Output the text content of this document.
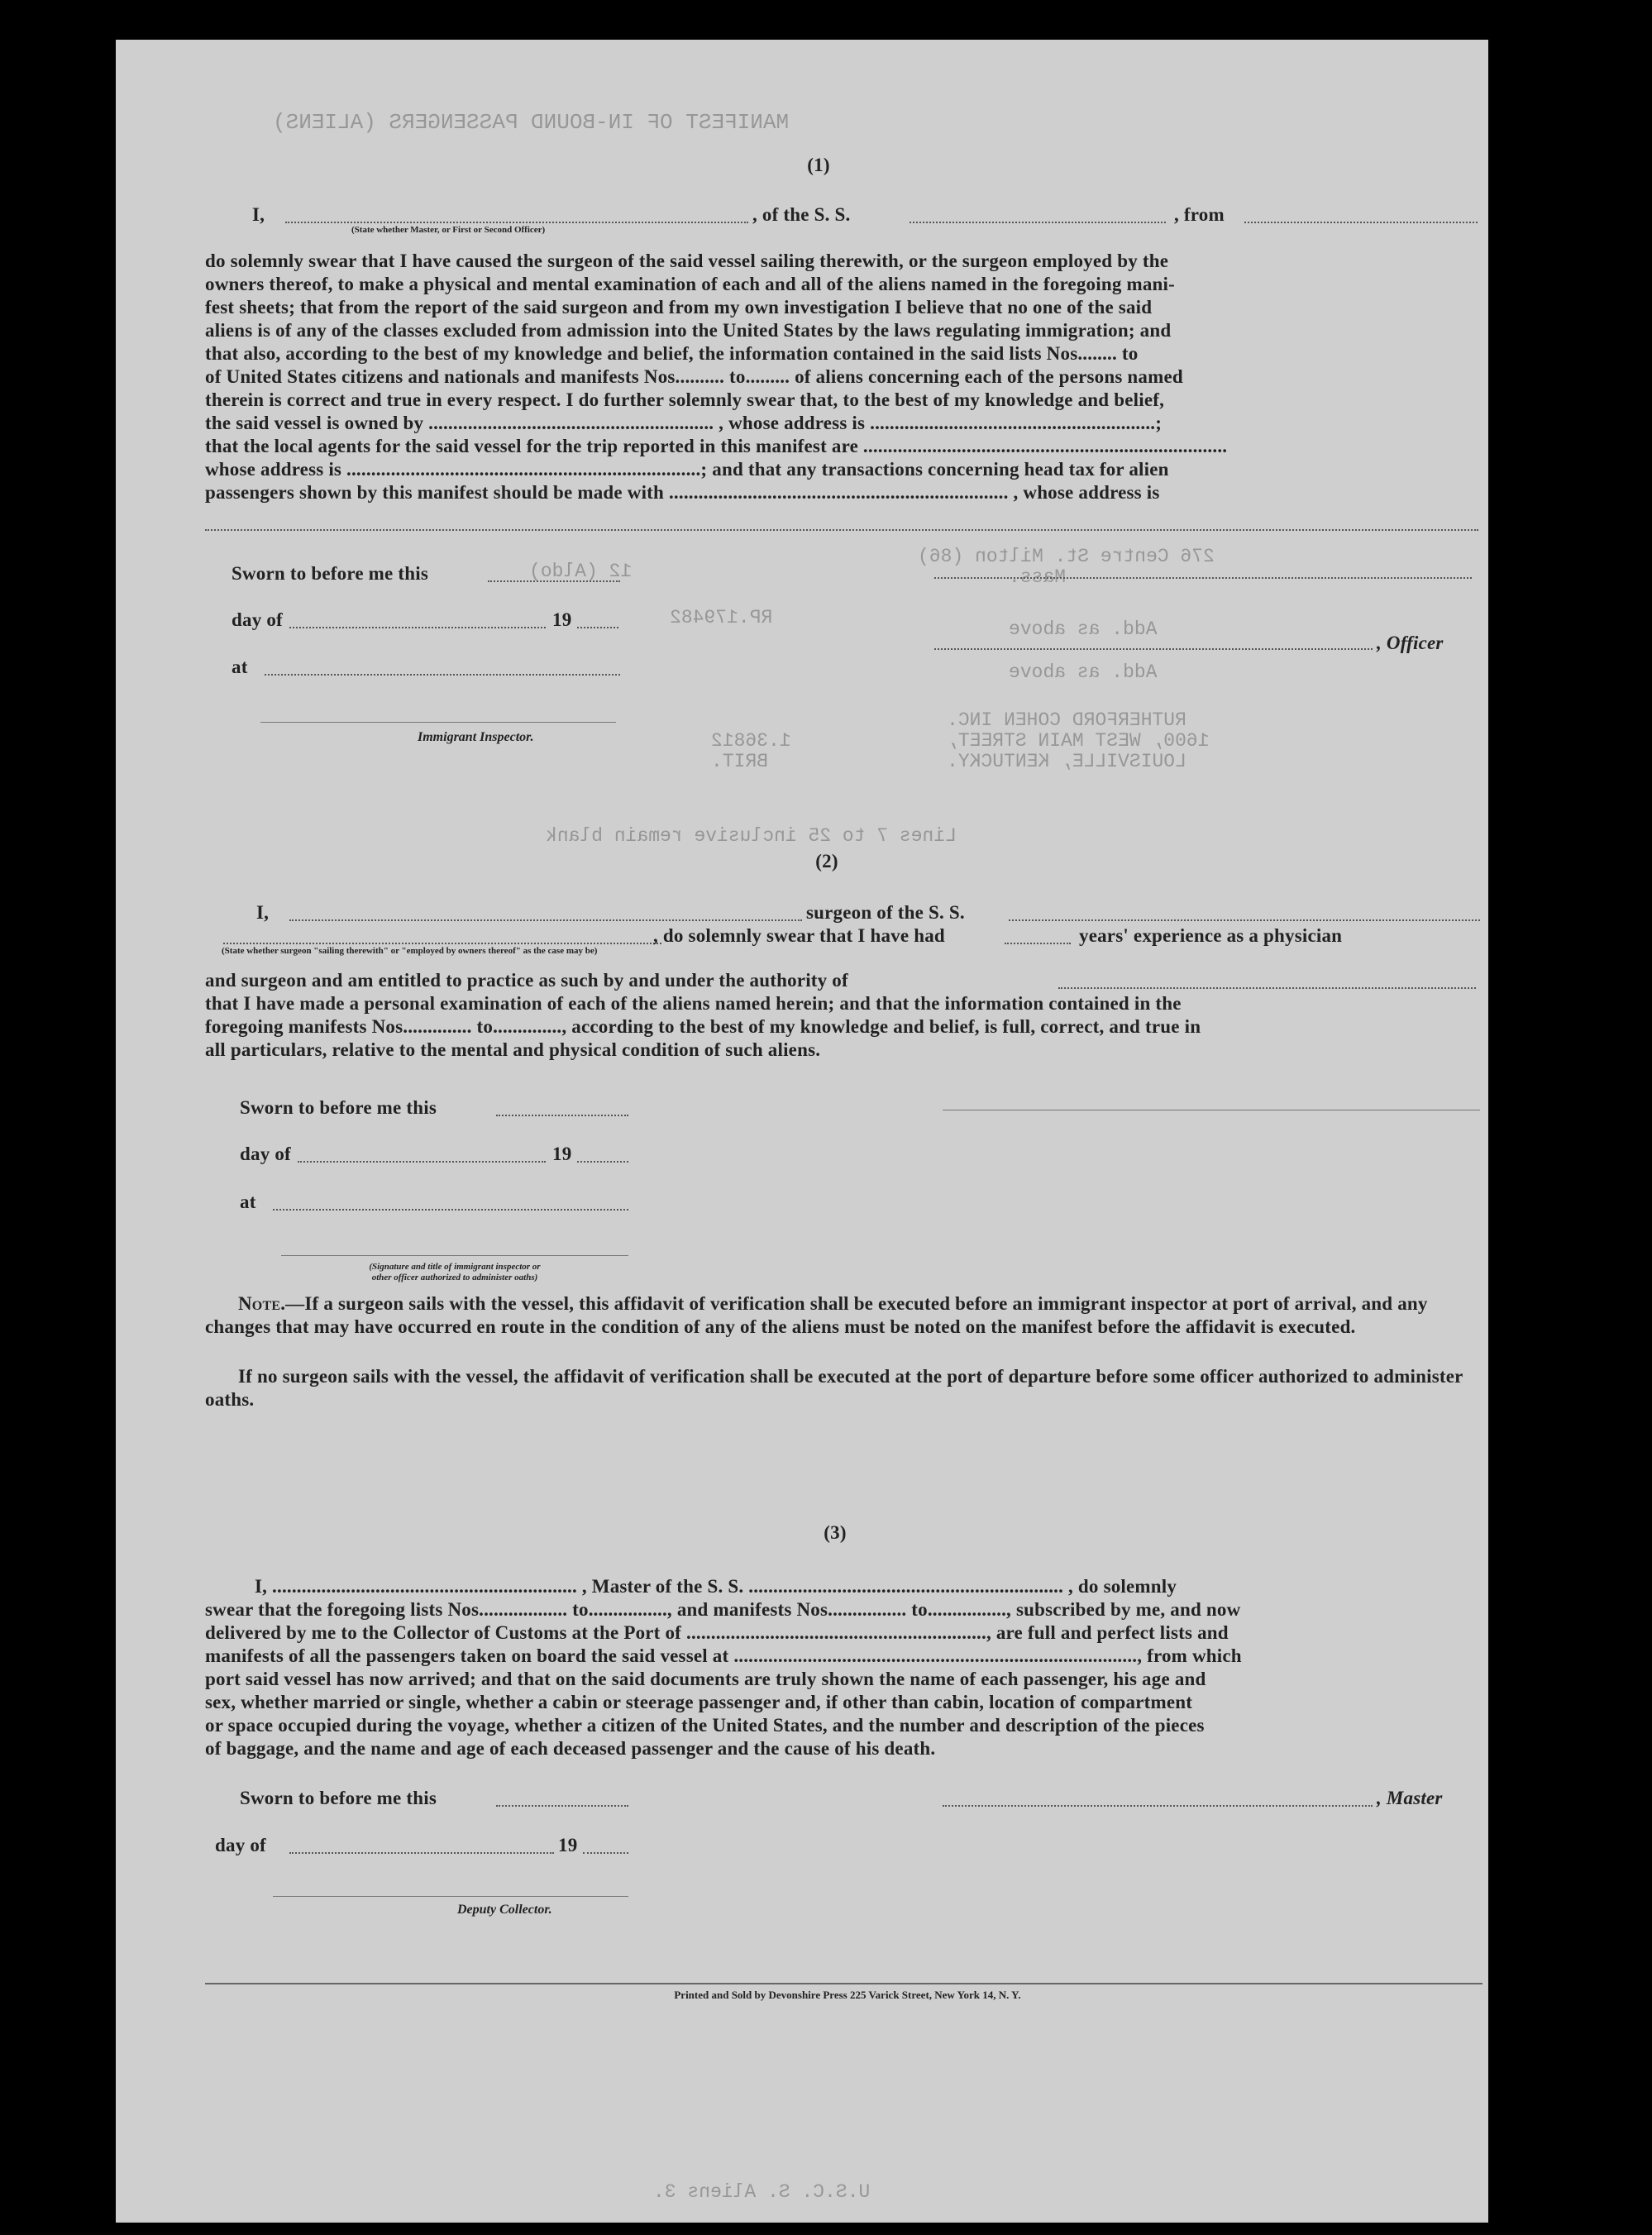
MANIFEST OF IN-BOUND PASSENGERS (ALIENS)
276 Centre St. Milton (86)
Mass.
Add. as above
Add. as above
RUTHERFORD COHEN INC.
1600, WEST MAIN STREET,
LOUISVILLE, KENTUCKY.
12 (Aldo)
RP.179482
1.36812
BRIT.
Lines 7 to 25 inclusive remain blank
U.S.C. S. Aliens 3.
(1)
I,
(State whether Master, or First or Second Officer)
, of the S. S.	, from
do solemnly swear that I have caused the surgeon of the said vessel sailing therewith, or the surgeon employed by the
owners thereof, to make a physical and mental examination of each and all of the aliens named in the foregoing mani-
fest sheets; that from the report of the said surgeon and from my own investigation I believe that no one of the said
aliens is of any of the classes excluded from admission into the United States by the laws regulating immigration; and
that also, according to the best of my knowledge and belief, the information contained in the said lists Nos........ to
of United States citizens and nationals and manifests Nos.......... to......... of aliens concerning each of the persons named
therein is correct and true in every respect. I do further solemnly swear that, to the best of my knowledge and belief,
the said vessel is owned by .......................................................... , whose address is ..........................................................;
that the local agents for the said vessel for the trip reported in this manifest are ..........................................................................
whose address is ........................................................................; and that any transactions concerning head tax for alien
passengers shown by this manifest should be made with ..................................................................... , whose address is
Sworn to before me this
day of	19
, Officer
at
Immigrant Inspector.
(2)
I,	surgeon of the S. S.
(State whether surgeon "sailing therewith" or "employed by owners thereof" as the case may be)
, do solemnly swear that I have had	years' experience as a physician
and surgeon and am entitled to practice as such by and under the authority of
that I have made a personal examination of each of the aliens named herein; and that the information contained in the
foregoing manifests Nos.............. to.............., according to the best of my knowledge and belief, is full, correct, and true in
all particulars, relative to the mental and physical condition of such aliens.
Sworn to before me this
day of	19
at
(Signature and title of immigrant inspector or
other officer authorized to administer oaths)
Note.—If a surgeon sails with the vessel, this affidavit of verification shall be executed before an immigrant inspector at port of arrival, and any changes that may have occurred en route in the condition of any of the aliens must be noted on the manifest before the affidavit is executed.
If no surgeon sails with the vessel, the affidavit of verification shall be executed at the port of departure before some officer authorized to administer oaths.
(3)
I, .............................................................. , Master of the S. S. ................................................................ , do solemnly
swear that the foregoing lists Nos.................. to................, and manifests Nos................ to................, subscribed by me, and now
delivered by me to the Collector of Customs at the Port of ............................................................., are full and perfect lists and
manifests of all the passengers taken on board the said vessel at .................................................................................., from which
port said vessel has now arrived; and that on the said documents are truly shown the name of each passenger, his age and
sex, whether married or single, whether a cabin or steerage passenger and, if other than cabin, location of compartment
or space occupied during the voyage, whether a citizen of the United States, and the number and description of the pieces
of baggage, and the name and age of each deceased passenger and the cause of his death.
Sworn to before me this	, Master
day of	19
Deputy Collector.
Printed and Sold by Devonshire Press 225 Varick Street, New York 14, N. Y.
